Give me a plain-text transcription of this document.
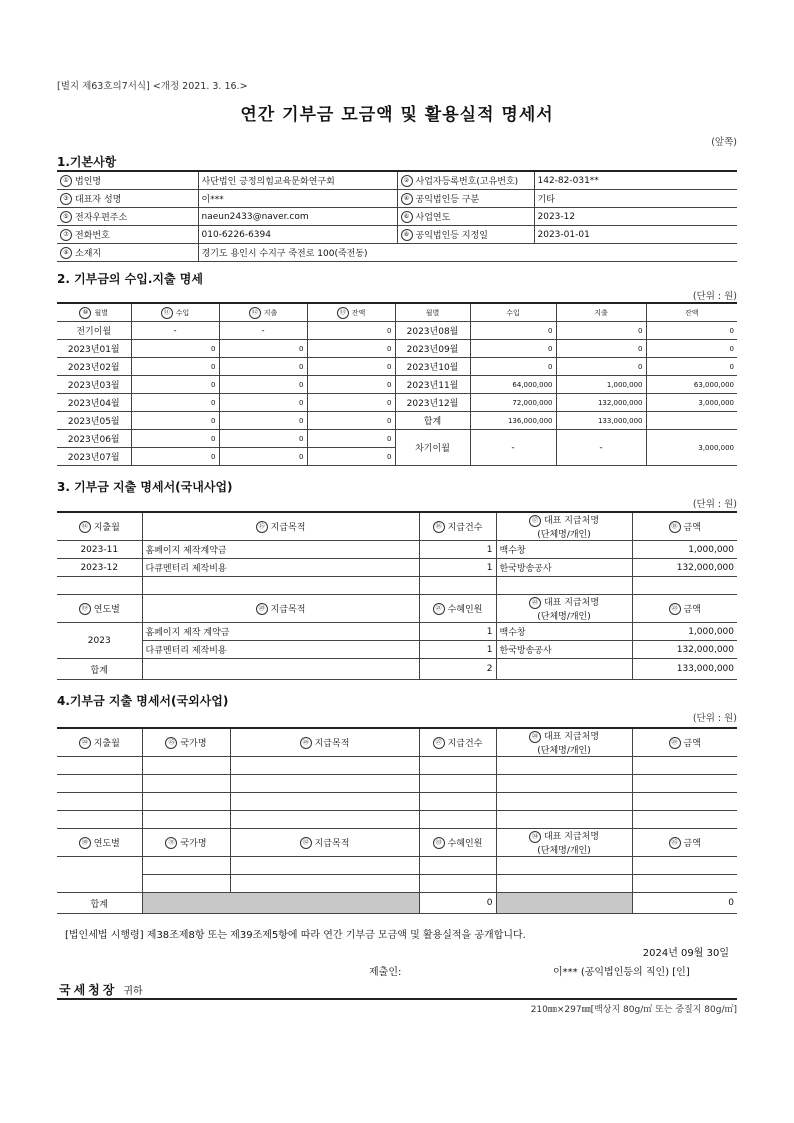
[별지 제63호의7서식] <개정 2021. 3. 16.>
연간 기부금 모금액 및 활용실적 명세서
(앞쪽)
1.기본사항
① 법인명	사단법인 긍정의힘교육문화연구회	② 사업자등록번호(고유번호)	142-82-031**
③ 대표자 성명	이***	④ 공익법인등 구분	기타
⑤ 전자우편주소	naeun2433@naver.com	⑥ 사업연도	2023-12
⑦ 전화번호	010-6226-6394	⑧ 공익법인등 지정일	2023-01-01
⑨ 소재지	경기도 용인시 수지구 죽전로 100(죽전동)		
2. 기부금의 수입.지출 명세
(단위 : 원)
⑩ 월별	⑪ 수입	⑫ 지출	⑬ 잔액	월별	수입	지출	잔액
전기이월	-	-	0	2023년08월	0	0	0
2023년01월	0	0	0	2023년09월	0	0	0
2023년02월	0	0	0	2023년10월	0	0	0
2023년03월	0	0	0	2023년11월	64,000,000	1,000,000	63,000,000
2023년04월	0	0	0	2023년12월	72,000,000	132,000,000	3,000,000
2023년05월	0	0	0	합계	136,000,000	133,000,000	
2023년06월	0	0	0	차기이월	-	-	3,000,000
2023년07월	0	0	0				
3. 기부금 지출 명세서(국내사업)
(단위 : 원)
⑭ 지출월	⑮ 지급목적	⑯ 지급건수	⑰ 대표 지급처명
(단체명/개인)	⑱ 금액
2023-11	홈페이지 제작계약금	1	백수창	1,000,000
2023-12	다큐멘터리 제작비용	1	한국방송공사	132,000,000

⑲ 연도별	⑳ 지급목적	㉑ 수혜인원	㉒ 대표 지급처명
(단체명/개인)	㉓ 금액
2023	홈페이지 제작 계약금	1	백수창	1,000,000
	다큐멘터리 제작비용	1	한국방송공사	132,000,000
합계		2		133,000,000
4.기부금 지출 명세서(국외사업)
(단위 : 원)
㉔ 지출월	㉕ 국가명	㉖ 지급목적	㉗ 지급건수	㉘ 대표 지급처명
(단체명/개인)	㉙ 금액

㉚ 연도별	㉛ 국가명	㉜ 지급목적	㉝ 수혜인원	㉞ 대표 지급처명
(단체명/개인)	㉟ 금액

합계			0		0
[법인세법 시행령] 제38조제8항 또는 제39조제5항에 따라 연간 기부금 모금액 및 활용실적을 공개합니다.
2024년 09월 30일
제출인:	이*** (공익법인등의 직인) [인]
국세청장 귀하
210㎜×297㎜[백상지 80g/㎡ 또는 중질지 80g/㎡]
